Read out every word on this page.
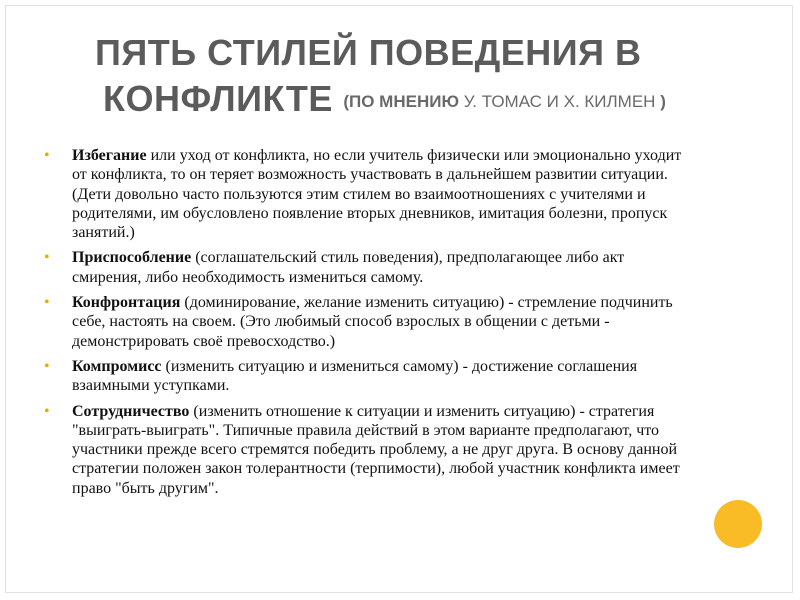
ПЯТЬ СТИЛЕЙ ПОВЕДЕНИЯ В
КОНФЛИКТЕ $^{(ПО МНЕНИЮ У. ТОМАС И Х. КИЛМЕН )}$
• Избегание или уход от конфликта, но если учитель физически или эмоционально уходит от конфликта, то он теряет возможность участвовать в дальнейшем развитии ситуации. (Дети довольно часто пользуются этим стилем во взаимоотношениях с учителями и родителями, им обусловлено появление вторых дневников, имитация болезни, пропуск занятий.)
• Приспособление (соглашательский стиль поведения), предполагающее либо акт смирения, либо необходимость измениться самому.
• Конфронтация (доминирование, желание изменить ситуацию) - стремление подчинить себе, настоять на своем. (Это любимый способ взрослых в общении с детьми - демонстрировать своё превосходство.)
• Компромисс (изменить ситуацию и измениться самому) - достижение соглашения взаимными уступками.
• Сотрудничество (изменить отношение к ситуации и изменить ситуацию) - стратегия "выиграть-выиграть". Типичные правила действий в этом варианте предполагают, что участники прежде всего стремятся победить проблему, а не друг друга. В основу данной стратегии положен закон толерантности (терпимости), любой участник конфликта имеет право "быть другим".
